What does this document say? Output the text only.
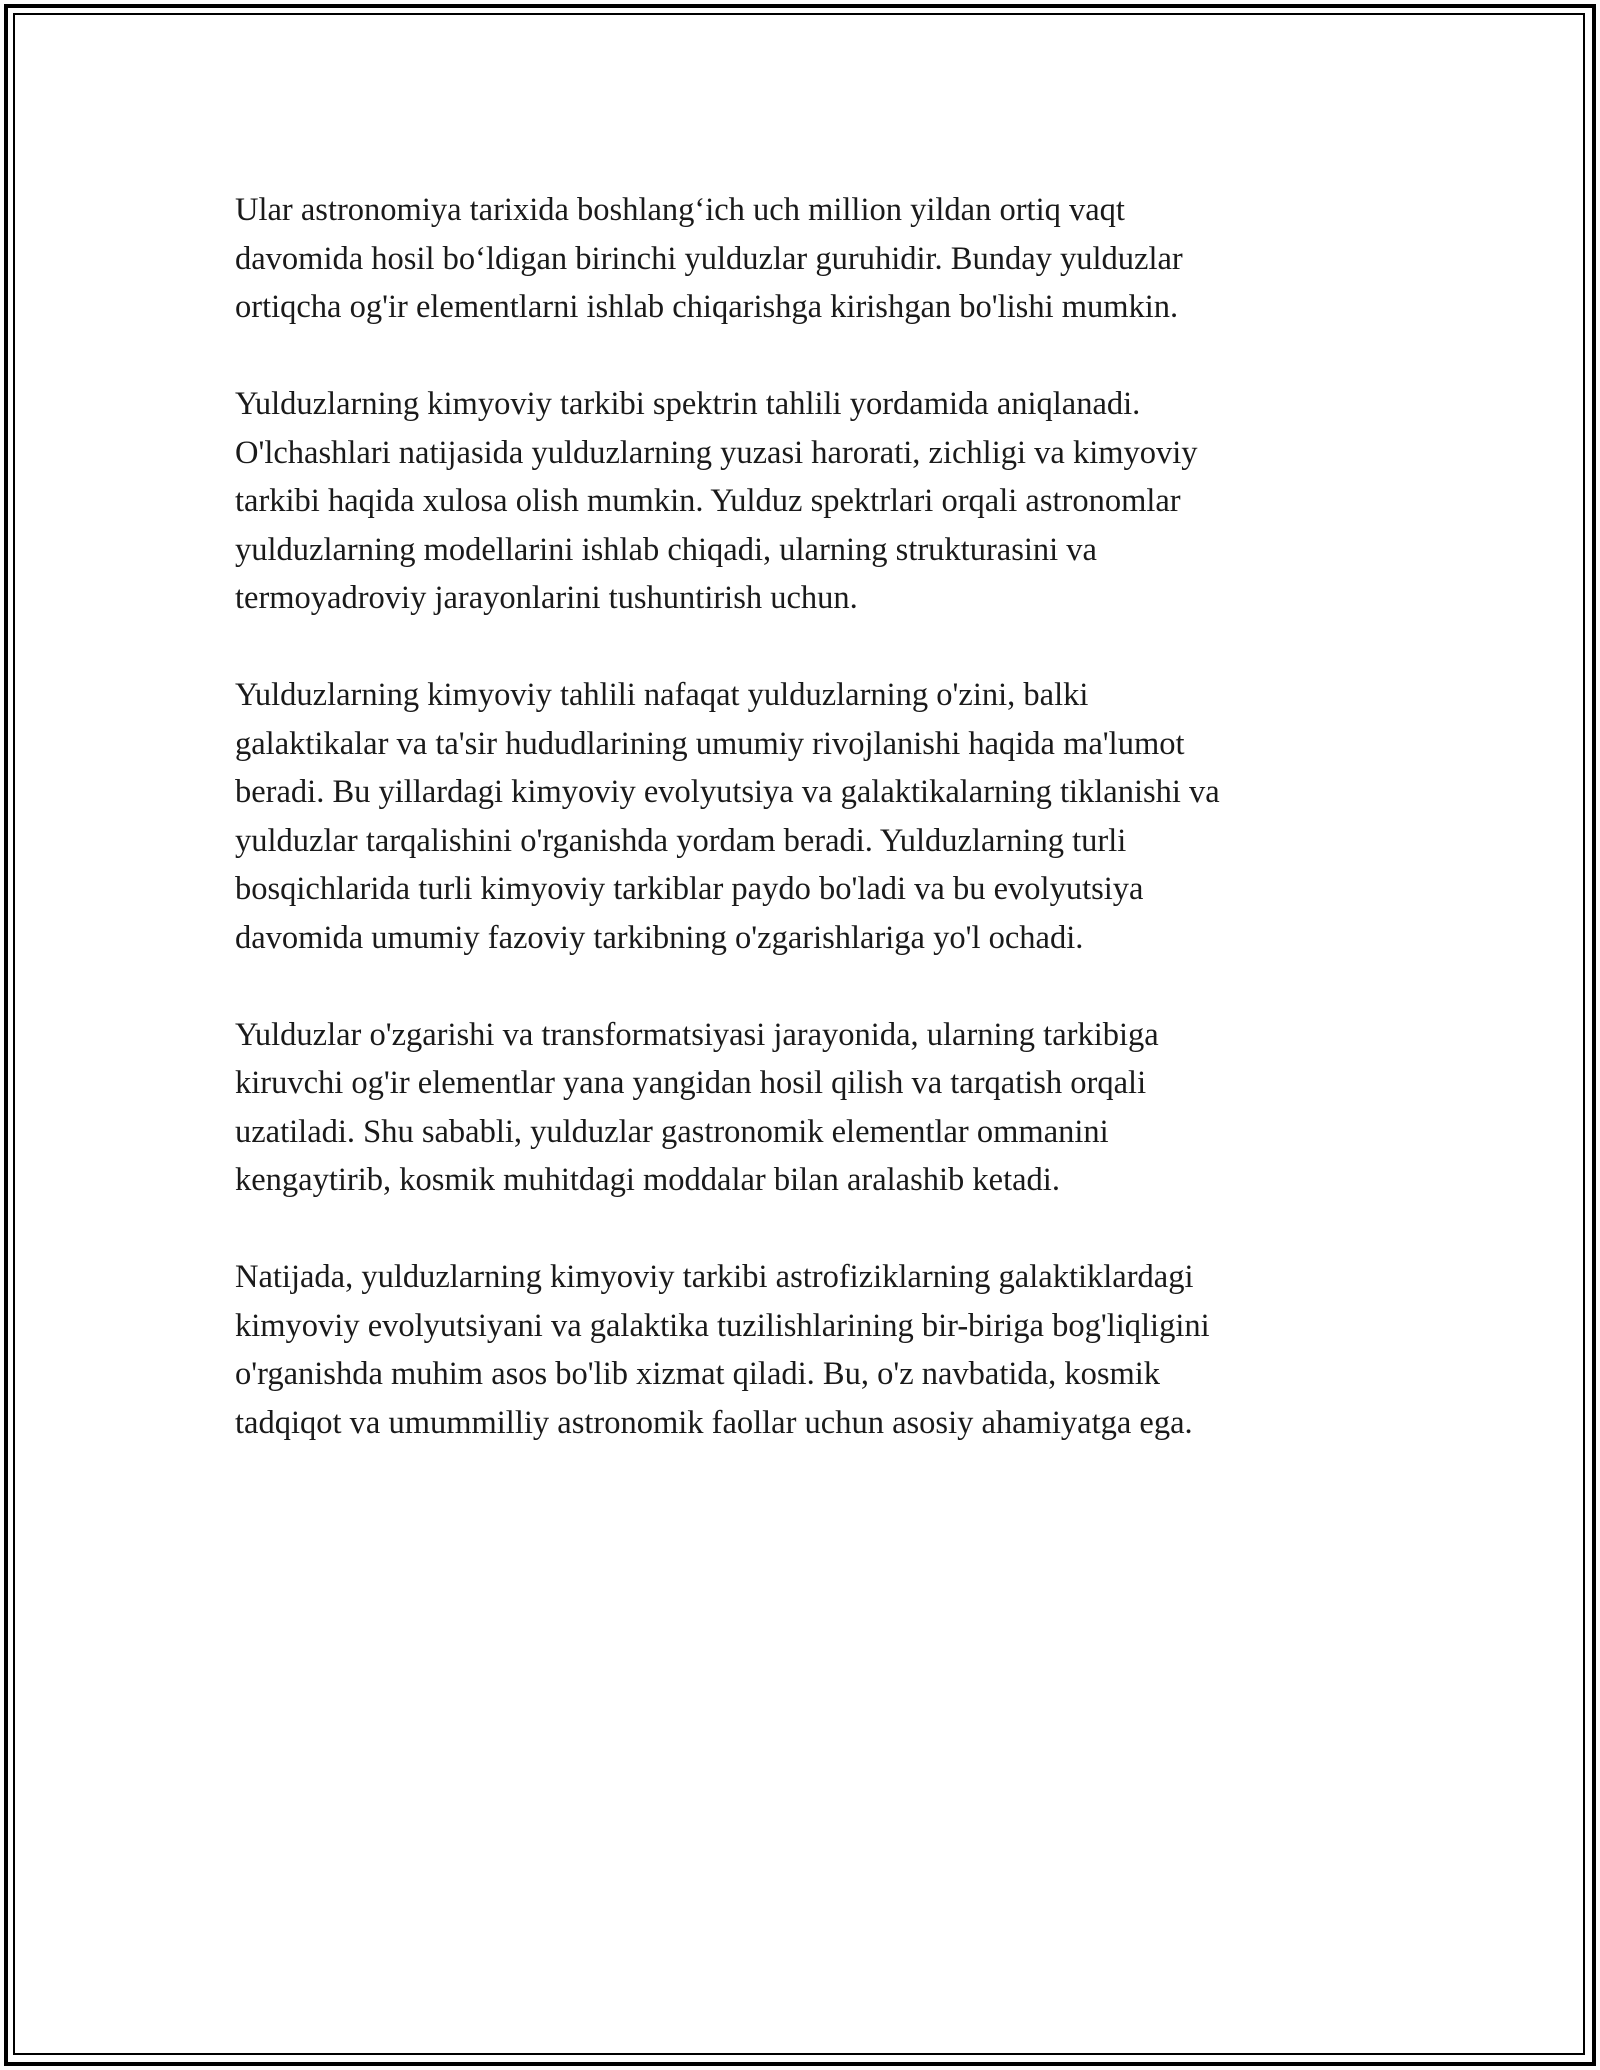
Ular astronomiya tarixida boshlang‘ich uch million yildan ortiq vaqt
davomida hosil bo‘ldigan birinchi yulduzlar guruhidir. Bunday yulduzlar
ortiqcha og'ir elementlarni ishlab chiqarishga kirishgan bo'lishi mumkin.

Yulduzlarning kimyoviy tarkibi spektrin tahlili yordamida aniqlanadi.
O'lchashlari natijasida yulduzlarning yuzasi harorati, zichligi va kimyoviy
tarkibi haqida xulosa olish mumkin. Yulduz spektrlari orqali astronomlar
yulduzlarning modellarini ishlab chiqadi, ularning strukturasini va
termoyadroviy jarayonlarini tushuntirish uchun.

Yulduzlarning kimyoviy tahlili nafaqat yulduzlarning o'zini, balki
galaktikalar va ta'sir hududlarining umumiy rivojlanishi haqida ma'lumot
beradi. Bu yillardagi kimyoviy evolyutsiya va galaktikalarning tiklanishi va
yulduzlar tarqalishini o'rganishda yordam beradi. Yulduzlarning turli
bosqichlarida turli kimyoviy tarkiblar paydo bo'ladi va bu evolyutsiya
davomida umumiy fazoviy tarkibning o'zgarishlariga yo'l ochadi.

Yulduzlar o'zgarishi va transformatsiyasi jarayonida, ularning tarkibiga
kiruvchi og'ir elementlar yana yangidan hosil qilish va tarqatish orqali
uzatiladi. Shu sababli, yulduzlar gastronomik elementlar ommanini
kengaytirib, kosmik muhitdagi moddalar bilan aralashib ketadi.

Natijada, yulduzlarning kimyoviy tarkibi astrofiziklarning galaktiklardagi
kimyoviy evolyutsiyani va galaktika tuzilishlarining bir-biriga bog'liqligini
o'rganishda muhim asos bo'lib xizmat qiladi. Bu, o'z navbatida, kosmik
tadqiqot va umummilliy astronomik faollar uchun asosiy ahamiyatga ega.
